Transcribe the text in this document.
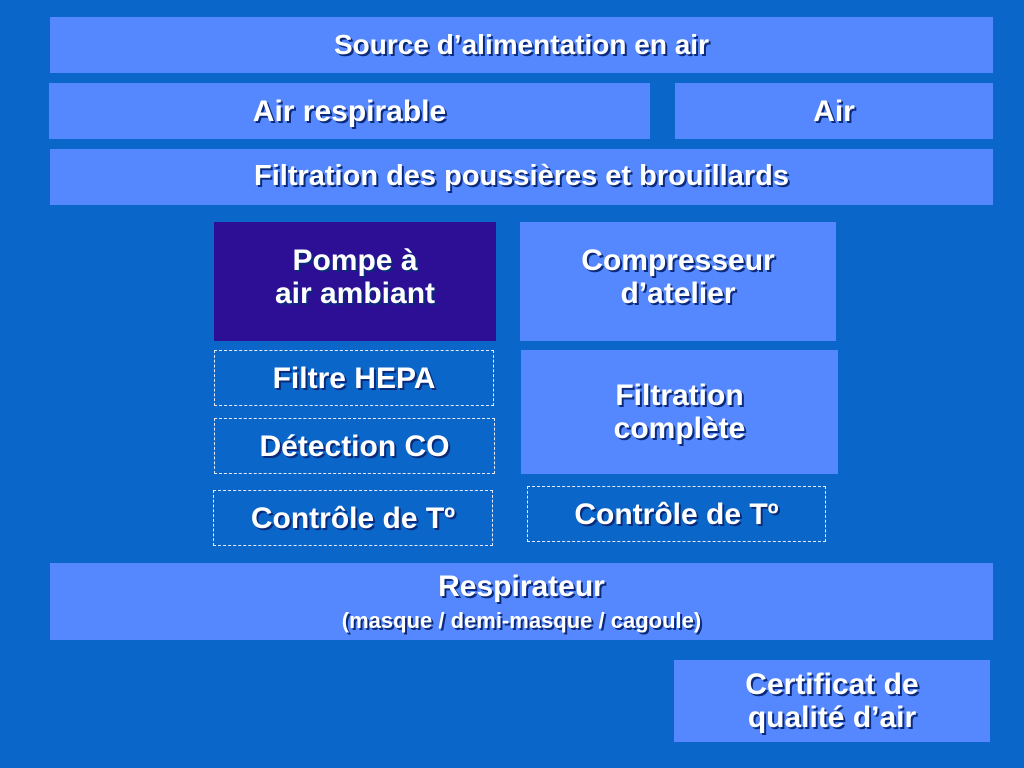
Source d’alimentation en air
Air respirable	Air
Filtration des poussières et brouillards
Pompe à
air ambiant
Compresseur
d’atelier
Filtre HEPA
Détection CO
Contrôle de Tº
Filtration
complète
Contrôle de Tº
Respirateur
(masque / demi-masque / cagoule)
Certificat de
qualité d’air
